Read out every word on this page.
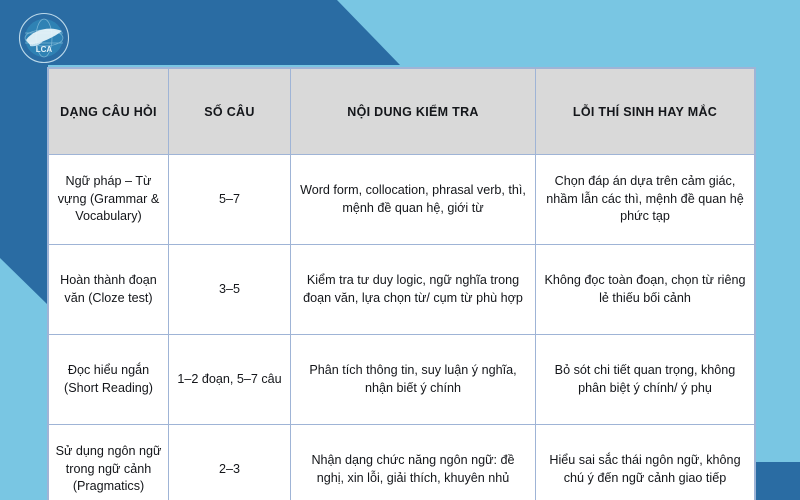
LCA
DẠNG CÂU HỎI	SỐ CÂU	NỘI DUNG KIỂM TRA	LỖI THÍ SINH HAY MẮC
Ngữ pháp – Từ vựng (Grammar & Vocabulary)	5–7	Word form, collocation, phrasal verb, thì, mệnh đề quan hệ, giới từ	Chọn đáp án dựa trên cảm giác, nhầm lẫn các thì, mệnh đề quan hệ phức tạp
Hoàn thành đoạn văn (Cloze test)	3–5	Kiểm tra tư duy logic, ngữ nghĩa trong đoạn văn, lựa chọn từ/ cụm từ phù hợp	Không đọc toàn đoạn, chọn từ riêng lẻ thiếu bối cảnh
Đọc hiểu ngắn (Short Reading)	1–2 đoạn, 5–7 câu	Phân tích thông tin, suy luận ý nghĩa, nhận biết ý chính	Bỏ sót chi tiết quan trọng, không phân biệt ý chính/ ý phụ
Sử dụng ngôn ngữ trong ngữ cảnh (Pragmatics)	2–3	Nhận dạng chức năng ngôn ngữ: đề nghị, xin lỗi, giải thích, khuyên nhủ	Hiểu sai sắc thái ngôn ngữ, không chú ý đến ngữ cảnh giao tiếp
